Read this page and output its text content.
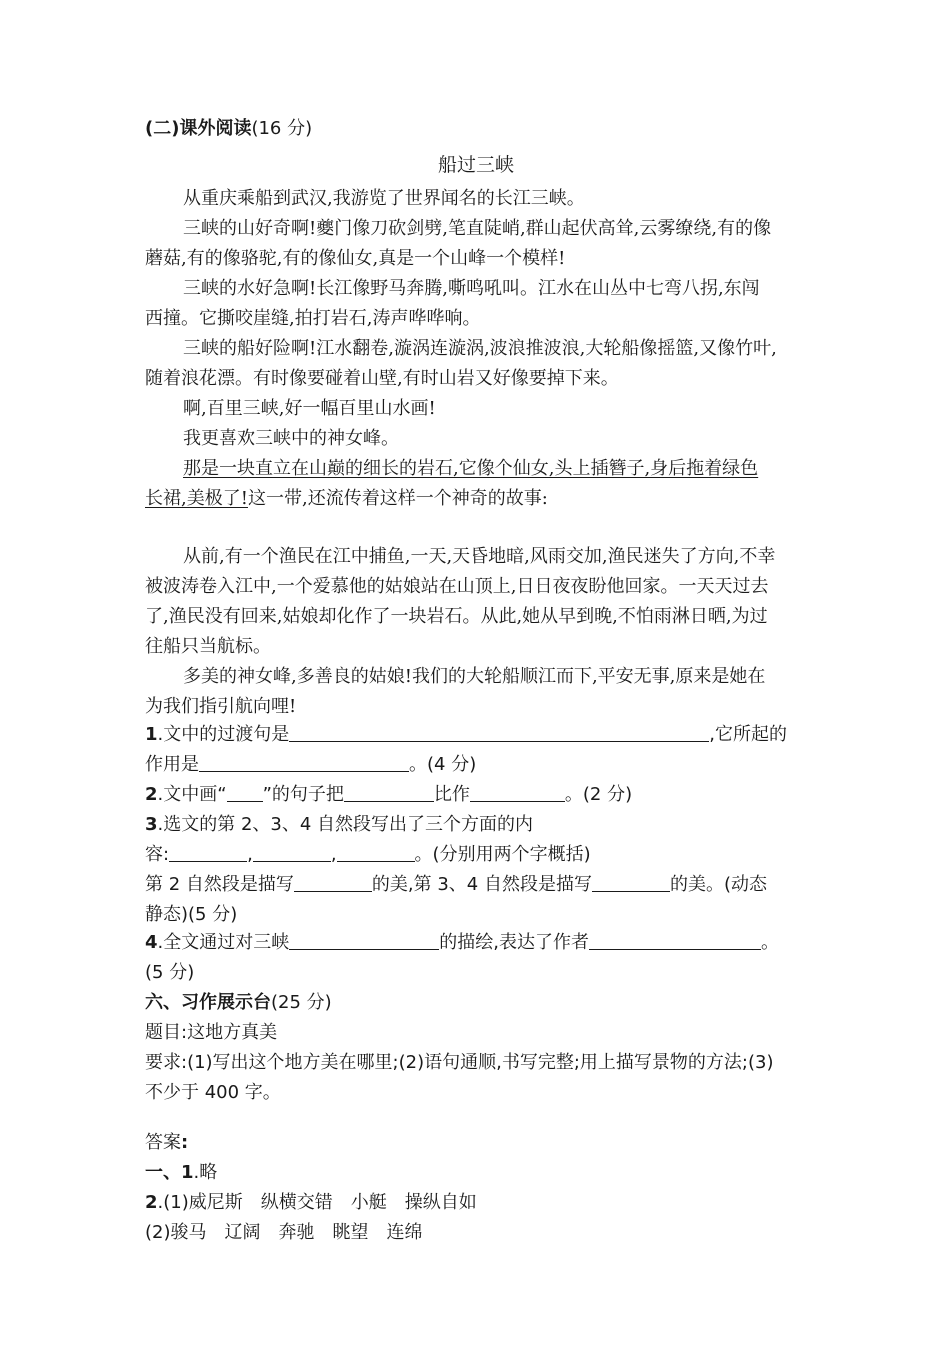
(二)课外阅读(16 分)
船过三峡
从重庆乘船到武汉,我游览了世界闻名的长江三峡。
三峡的山好奇啊!夔门像刀砍剑劈,笔直陡峭,群山起伏高耸,云雾缭绕,有的像
蘑菇,有的像骆驼,有的像仙女,真是一个山峰一个模样!
三峡的水好急啊!长江像野马奔腾,嘶鸣吼叫。江水在山丛中七弯八拐,东闯
西撞。它撕咬崖缝,拍打岩石,涛声哗哗响。
三峡的船好险啊!江水翻卷,漩涡连漩涡,波浪推波浪,大轮船像摇篮,又像竹叶,
随着浪花漂。有时像要碰着山壁,有时山岩又好像要掉下来。
啊,百里三峡,好一幅百里山水画!
我更喜欢三峡中的神女峰。
那是一块直立在山巅的细长的岩石,它像个仙女,头上插簪子,身后拖着绿色
长裙,美极了!这一带,还流传着这样一个神奇的故事:
从前,有一个渔民在江中捕鱼,一天,天昏地暗,风雨交加,渔民迷失了方向,不幸
被波涛卷入江中,一个爱慕他的姑娘站在山顶上,日日夜夜盼他回家。一天天过去
了,渔民没有回来,姑娘却化作了一块岩石。从此,她从早到晚,不怕雨淋日晒,为过
往船只当航标。
多美的神女峰,多善良的姑娘!我们的大轮船顺江而下,平安无事,原来是她在
为我们指引航向哩!
1.文中的过渡句是	,它所起的
作用是	。(4 分)
2.文中画“ ”的句子把	比作	。(2 分)
3.选文的第 2、3、4 自然段写出了三个方面的内
容:	,	,	。(分别用两个字概括)
第 2 自然段是描写	的美,第 3、4 自然段是描写	的美。(动态
静态)(5 分)
4.全文通过对三峡	的描绘,表达了作者	。
(5 分)
六、习作展示台(25 分)
题目:这地方真美
要求:(1)写出这个地方美在哪里;(2)语句通顺,书写完整;用上描写景物的方法;(3)
不少于 400 字。
答案:
一、1.略
2.(1)威尼斯　纵横交错　小艇　操纵自如
(2)骏马　辽阔　奔驰　眺望　连绵
